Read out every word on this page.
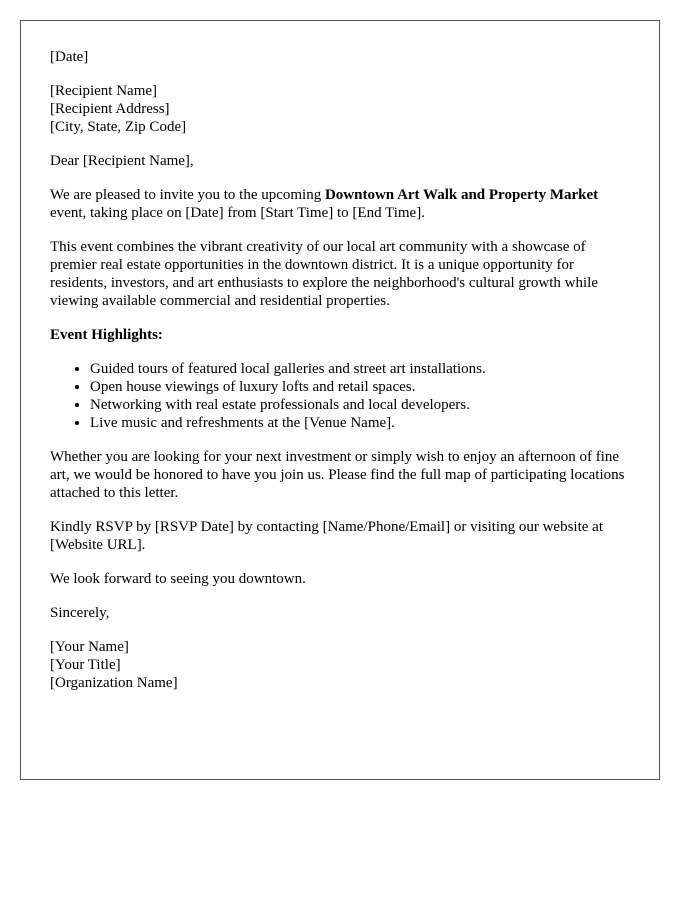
[Date]
[Recipient Name]
[Recipient Address]
[City, State, Zip Code]

Dear [Recipient Name],

We are pleased to invite you to the upcoming Downtown Art Walk and Property Market event, taking place on [Date] from [Start Time] to [End Time].

This event combines the vibrant creativity of our local art community with a showcase of premier real estate opportunities in the downtown district. It is a unique opportunity for residents, investors, and art enthusiasts to explore the neighborhood's cultural growth while viewing available commercial and residential properties.

Event Highlights:

• Guided tours of featured local galleries and street art installations.
• Open house viewings of luxury lofts and retail spaces.
• Networking with real estate professionals and local developers.
• Live music and refreshments at the [Venue Name].

Whether you are looking for your next investment or simply wish to enjoy an afternoon of fine art, we would be honored to have you join us. Please find the full map of participating locations attached to this letter.

Kindly RSVP by [RSVP Date] by contacting [Name/Phone/Email] or visiting our website at [Website URL].

We look forward to seeing you downtown.

Sincerely,

[Your Name]
[Your Title]
[Organization Name]
